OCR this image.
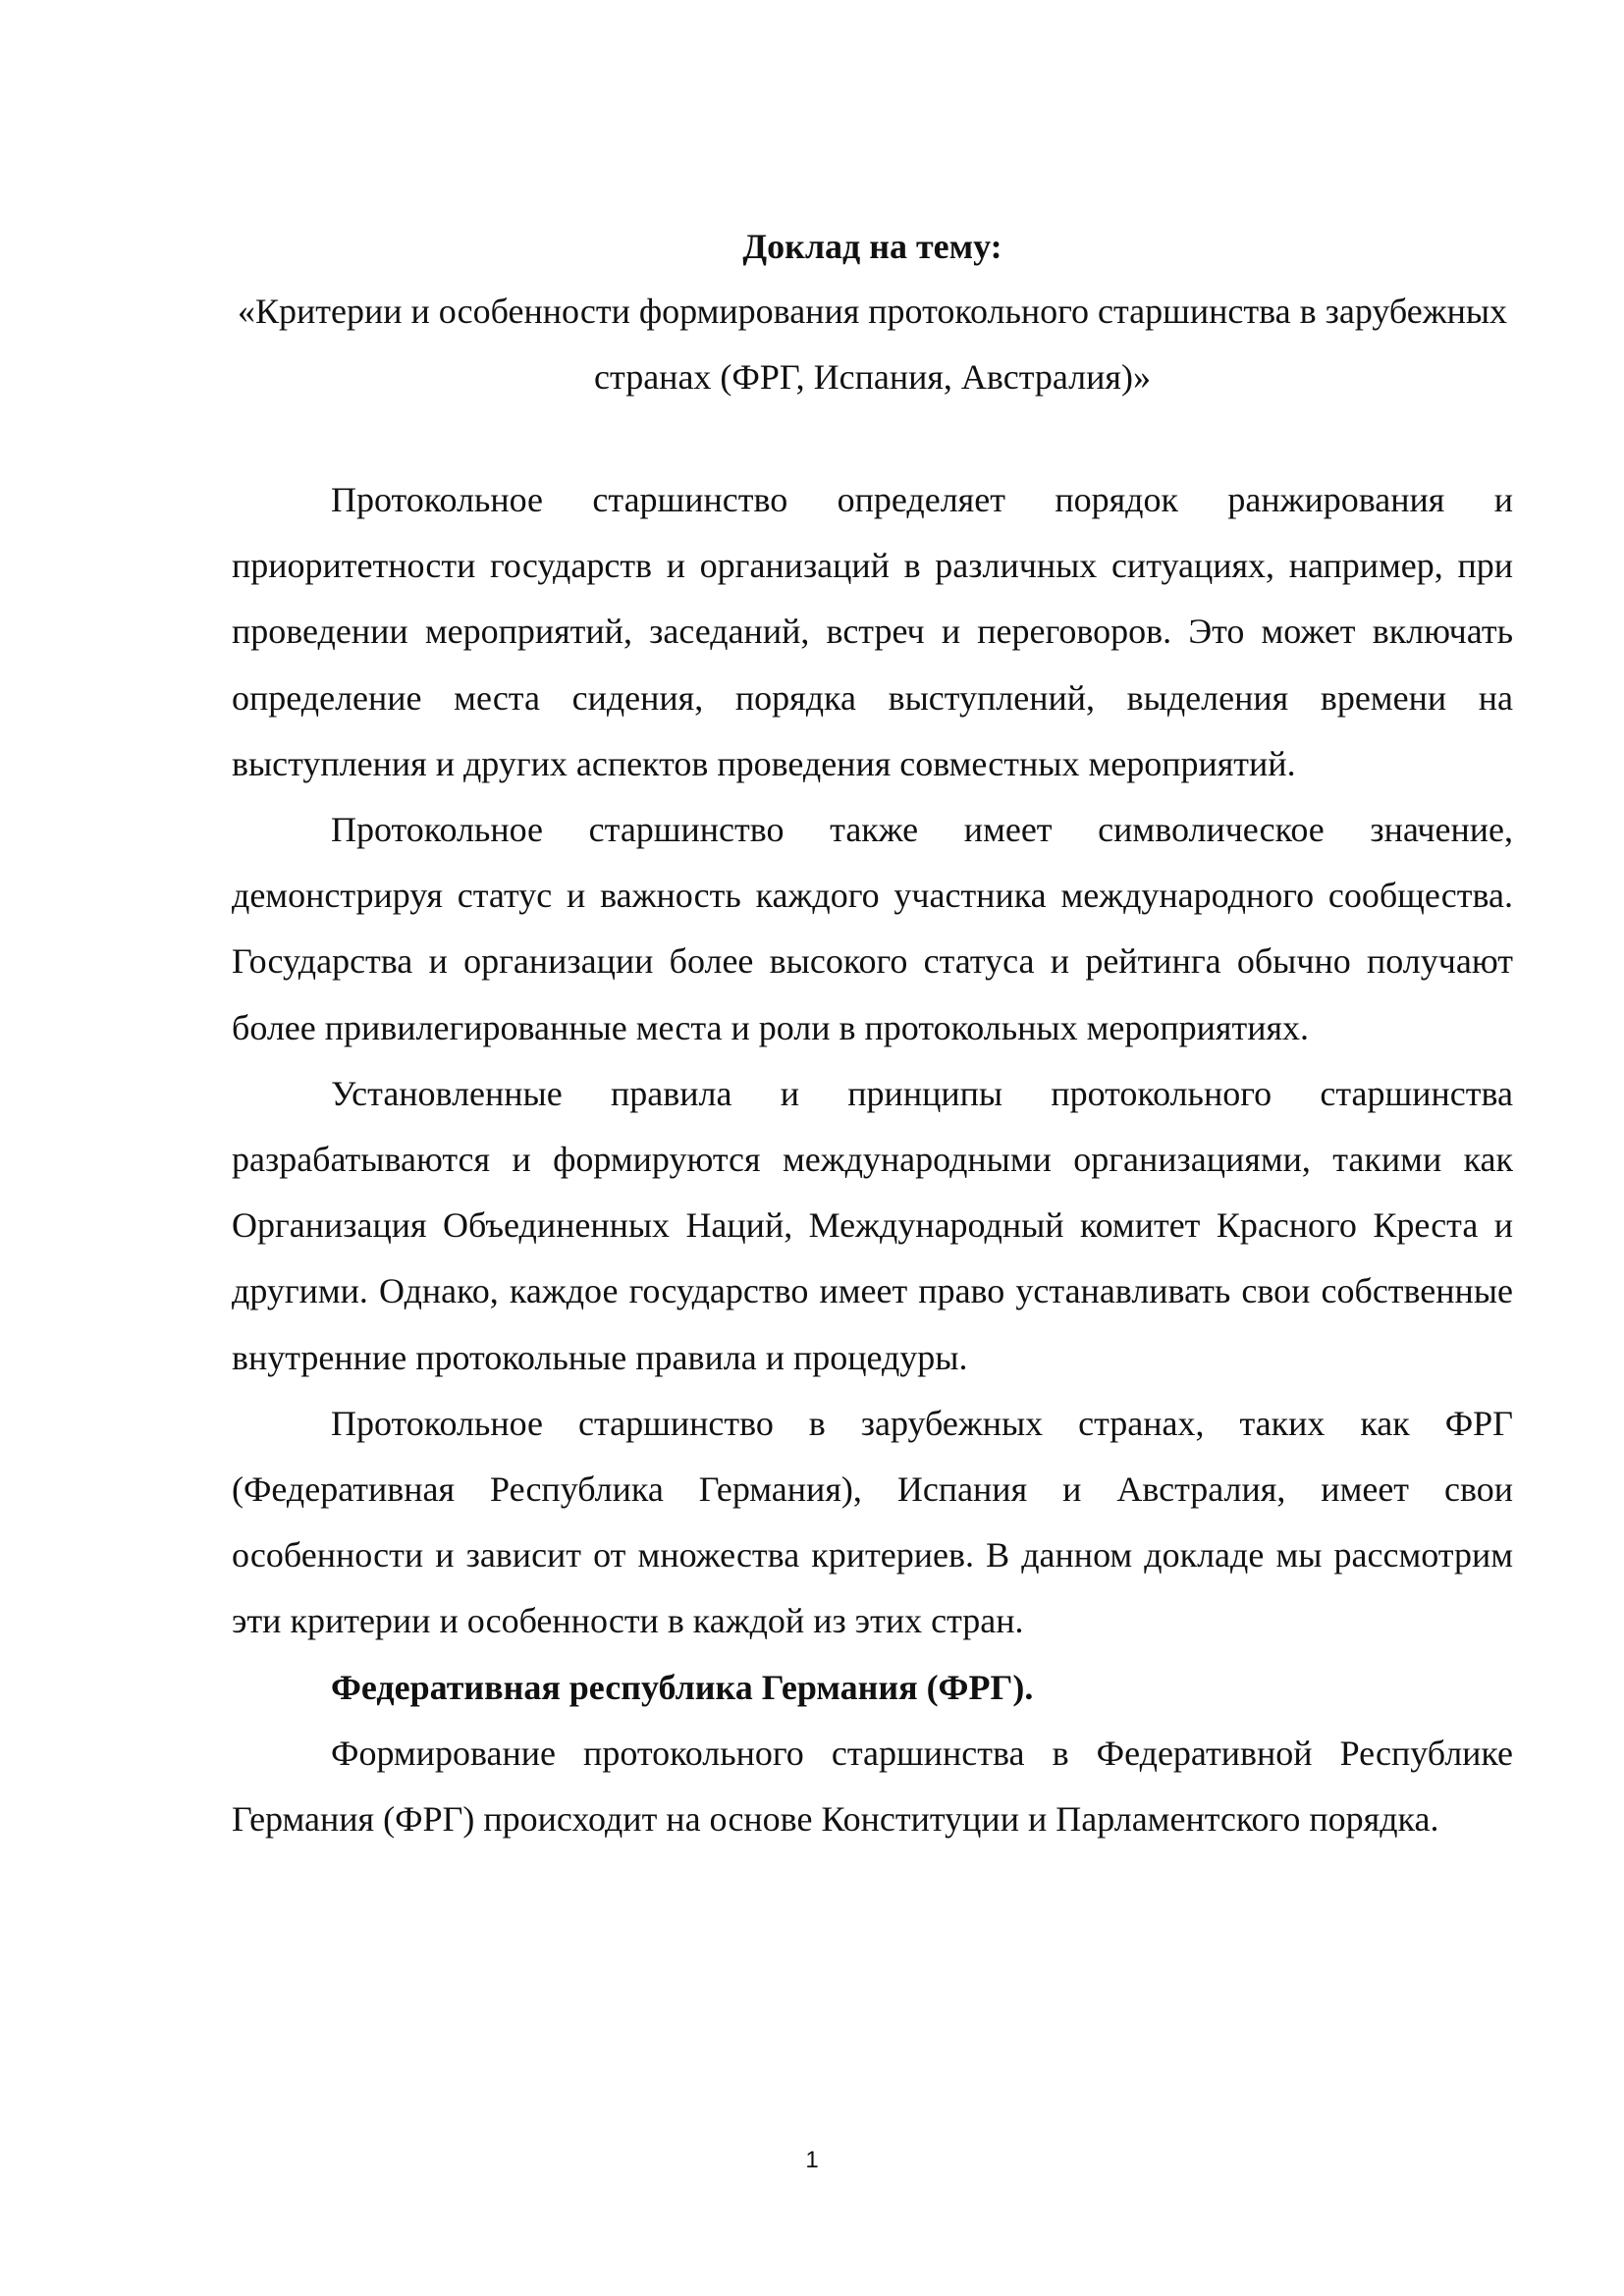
Доклад на тему:

«Критерии и особенности формирования протокольного старшинства в зарубежных странах (ФРГ, Испания, Австралия)»

Протокольное старшинство определяет порядок ранжирования и приоритетности государств и организаций в различных ситуациях, например, при проведении мероприятий, заседаний, встреч и переговоров. Это может включать определение места сидения, порядка выступлений, выделения времени на выступления и других аспектов проведения совместных мероприятий.

Протокольное старшинство также имеет символическое значение, демонстрируя статус и важность каждого участника международного сообщества. Государства и организации более высокого статуса и рейтинга обычно получают более привилегированные места и роли в протокольных мероприятиях.

Установленные правила и принципы протокольного старшинства разрабатываются и формируются международными организациями, такими как Организация Объединенных Наций, Международный комитет Красного Креста и другими. Однако, каждое государство имеет право устанавливать свои собственные внутренние протокольные правила и процедуры.

Протокольное старшинство в зарубежных странах, таких как ФРГ (Федеративная Республика Германия), Испания и Австралия, имеет свои особенности и зависит от множества критериев. В данном докладе мы рассмотрим эти критерии и особенности в каждой из этих стран.

Федеративная республика Германия (ФРГ).

Формирование протокольного старшинства в Федеративной Республике Германия (ФРГ) происходит на основе Конституции и Парламентского порядка.

1
